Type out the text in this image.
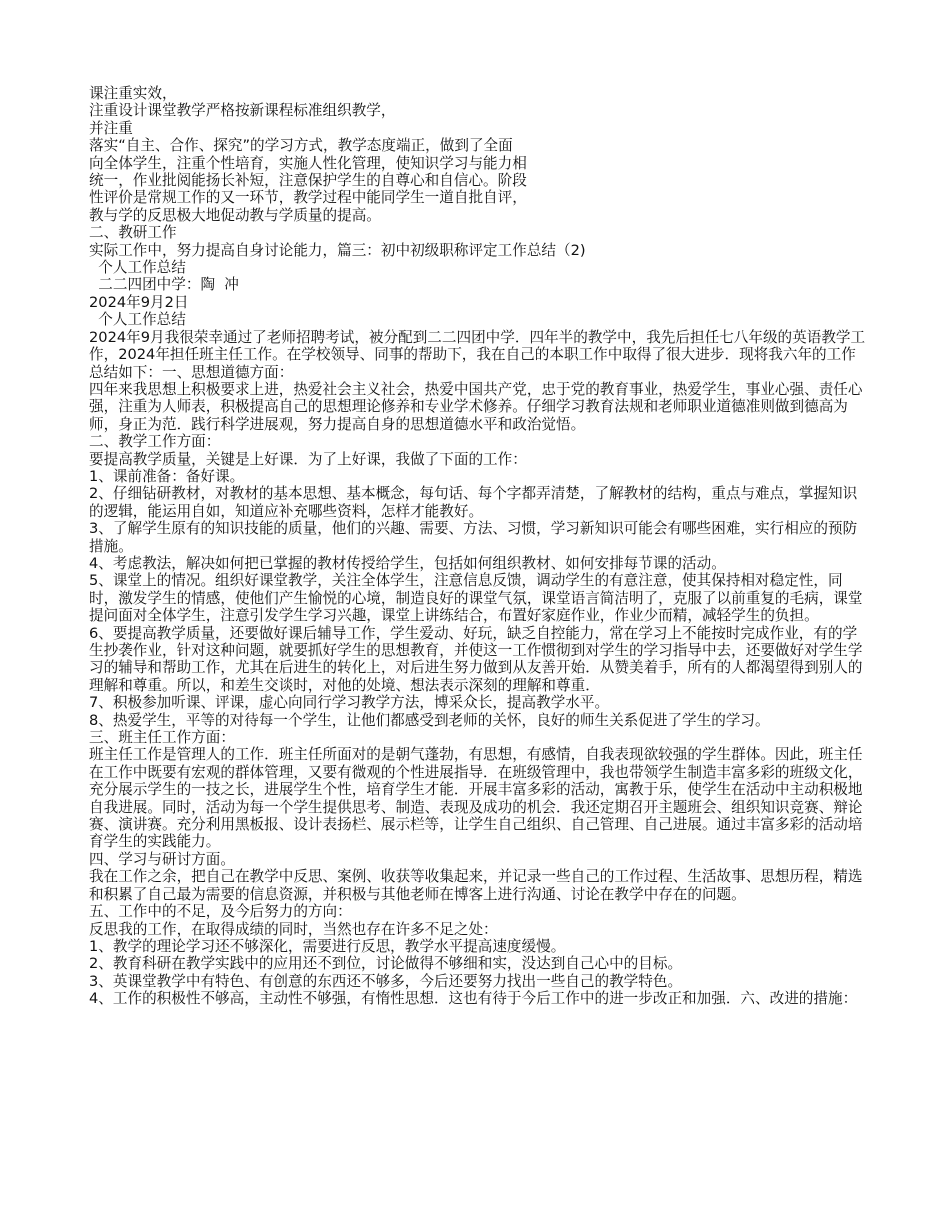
课注重实效，

注重设计课堂教学严格按新课程标准组织教学，

并注重

落实“自主、合作、探究”的学习方式，教学态度端正，做到了全面

向全体学生，注重个性培育，实施人性化管理，使知识学习与能力相

统一，作业批阅能扬长补短，注意保护学生的自尊心和自信心。阶段

性评价是常规工作的又一环节，教学过程中能同学生一道自批自评，

教与学的反思极大地促动教与学质量的提高。

二、教研工作

实际工作中，努力提高自身讨论能力，篇三：初中初级职称评定工作总结（2)

个人工作总结

二二四团中学：陶  冲

2024年9月2日

个人工作总结

2024年9月我很荣幸通过了老师招聘考试，被分配到二二四团中学．四年半的教学中，我先后担任七八年级的英语教学工作，2024年担任班主任工作。在学校领导、同事的帮助下，我在自己的本职工作中取得了很大进步．现将我六年的工作总结如下：一、思想道德方面：

四年来我思想上积极要求上进，热爱社会主义社会，热爱中国共产党，忠于党的教育事业，热爱学生，事业心强、责任心强，注重为人师表，积极提高自己的思想理论修养和专业学术修养。仔细学习教育法规和老师职业道德准则做到德高为师，身正为范．践行科学进展观，努力提高自身的思想道德水平和政治觉悟。

二、教学工作方面：

要提高教学质量，关键是上好课．为了上好课，我做了下面的工作：

1、课前准备：备好课。

2、仔细钻研教材，对教材的基本思想、基本概念，每句话、每个字都弄清楚，了解教材的结构，重点与难点，掌握知识的逻辑，能运用自如，知道应补充哪些资料，怎样才能教好。

3、了解学生原有的知识技能的质量，他们的兴趣、需要、方法、习惯，学习新知识可能会有哪些困难，实行相应的预防措施。

4、考虑教法，解决如何把已掌握的教材传授给学生，包括如何组织教材、如何安排每节课的活动。

5、课堂上的情况。组织好课堂教学，关注全体学生，注意信息反馈，调动学生的有意注意，使其保持相对稳定性，同时，激发学生的情感，使他们产生愉悦的心境，制造良好的课堂气氛，课堂语言简洁明了，克服了以前重复的毛病，课堂提问面对全体学生，注意引发学生学习兴趣，课堂上讲练结合，布置好家庭作业，作业少而精，减轻学生的负担。

6、要提高教学质量，还要做好课后辅导工作，学生爱动、好玩，缺乏自控能力，常在学习上不能按时完成作业，有的学生抄袭作业，针对这种问题，就要抓好学生的思想教育，并使这一工作惯彻到对学生的学习指导中去，还要做好对学生学习的辅导和帮助工作，尤其在后进生的转化上，对后进生努力做到从友善开始．从赞美着手，所有的人都渴望得到别人的理解和尊重。所以，和差生交谈时，对他的处境、想法表示深刻的理解和尊重．

7、积极参加听课、评课，虚心向同行学习教学方法，博采众长，提高教学水平。

8、热爱学生，平等的对待每一个学生，让他们都感受到老师的关怀，良好的师生关系促进了学生的学习。

三、班主任工作方面：

班主任工作是管理人的工作．班主任所面对的是朝气蓬勃，有思想，有感情，自我表现欲较强的学生群体。因此，班主任在工作中既要有宏观的群体管理，又要有微观的个性进展指导．在班级管理中，我也带领学生制造丰富多彩的班级文化，充分展示学生的一技之长，进展学生个性，培育学生才能．开展丰富多彩的活动，寓教于乐，使学生在活动中主动积极地自我进展。同时，活动为每一个学生提供思考、制造、表现及成功的机会．我还定期召开主题班会、组织知识竞赛、辩论赛、演讲赛。充分利用黑板报、设计表扬栏、展示栏等，让学生自己组织、自己管理、自己进展。通过丰富多彩的活动培育学生的实践能力。

四、学习与研讨方面。

我在工作之余，把自己在教学中反思、案例、收获等收集起来，并记录一些自己的工作过程、生活故事、思想历程，精选和积累了自己最为需要的信息资源，并积极与其他老师在博客上进行沟通、讨论在教学中存在的问题。

五、工作中的不足，及今后努力的方向：

反思我的工作，在取得成绩的同时，当然也存在许多不足之处：

1、教学的理论学习还不够深化，需要进行反思，教学水平提高速度缓慢。

2、教育科研在教学实践中的应用还不到位，讨论做得不够细和实，没达到自己心中的目标。

3、英课堂教学中有特色、有创意的东西还不够多，今后还要努力找出一些自己的教学特色。

4、工作的积极性不够高，主动性不够强，有惰性思想．这也有待于今后工作中的进一步改正和加强．六、改进的措施：
